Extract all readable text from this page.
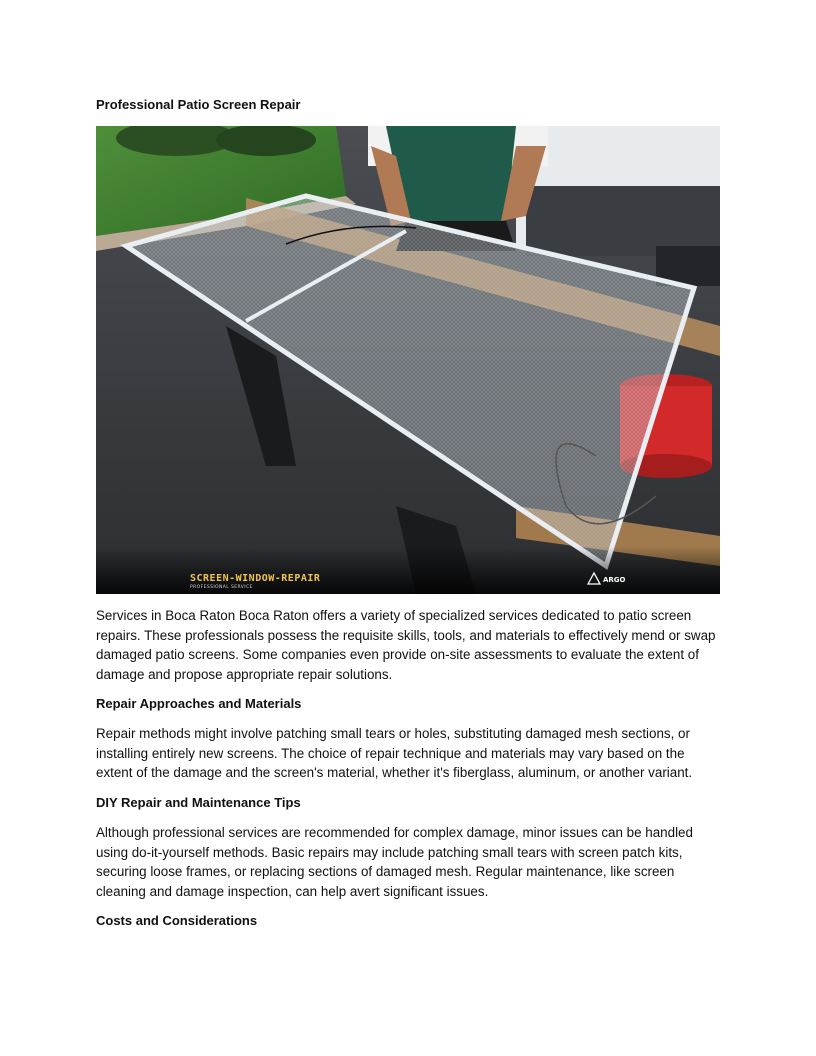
Professional Patio Screen Repair
SCREEN-WINDOW-REPAIR
PROFESSIONAL SERVICE
ARGO

Services in Boca Raton Boca Raton offers a variety of specialized services dedicated to patio screen repairs. These professionals possess the requisite skills, tools, and materials to effectively mend or swap damaged patio screens. Some companies even provide on-site assessments to evaluate the extent of damage and propose appropriate repair solutions.

Repair Approaches and Materials

Repair methods might involve patching small tears or holes, substituting damaged mesh sections, or installing entirely new screens. The choice of repair technique and materials may vary based on the extent of the damage and the screen's material, whether it's fiberglass, aluminum, or another variant.

DIY Repair and Maintenance Tips

Although professional services are recommended for complex damage, minor issues can be handled using do-it-yourself methods. Basic repairs may include patching small tears with screen patch kits, securing loose frames, or replacing sections of damaged mesh. Regular maintenance, like screen cleaning and damage inspection, can help avert significant issues.

Costs and Considerations
